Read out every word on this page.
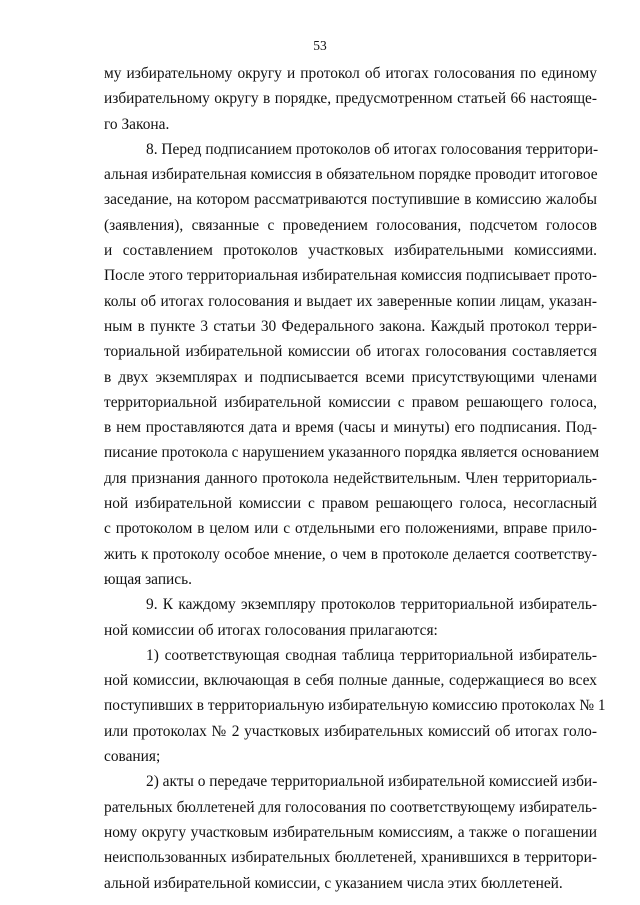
53
му избирательному округу и протокол об итогах голосования по единому
избирательному округу в порядке, предусмотренном статьей 66 настояще-
го Закона.
8. Перед подписанием протоколов об итогах голосования территори-
альная избирательная комиссия в обязательном порядке проводит итоговое
заседание, на котором рассматриваются поступившие в комиссию жалобы
(заявления), связанные с проведением голосования, подсчетом голосов
и составлением протоколов участковых избирательными комиссиями.
После этого территориальная избирательная комиссия подписывает прото-
колы об итогах голосования и выдает их заверенные копии лицам, указан-
ным в пункте 3 статьи 30 Федерального закона. Каждый протокол терри-
ториальной избирательной комиссии об итогах голосования составляется
в двух экземплярах и подписывается всеми присутствующими членами
территориальной избирательной комиссии с правом решающего голоса,
в нем проставляются дата и время (часы и минуты) его подписания. Под-
писание протокола с нарушением указанного порядка является основанием
для признания данного протокола недействительным. Член территориаль-
ной избирательной комиссии с правом решающего голоса, несогласный
с протоколом в целом или с отдельными его положениями, вправе прило-
жить к протоколу особое мнение, о чем в протоколе делается соответству-
ющая запись.
9. К каждому экземпляру протоколов территориальной избиратель-
ной комиссии об итогах голосования прилагаются:
1) соответствующая сводная таблица территориальной избиратель-
ной комиссии, включающая в себя полные данные, содержащиеся во всех
поступивших в территориальную избирательную комиссию протоколах № 1
или протоколах № 2 участковых избирательных комиссий об итогах голо-
сования;
2) акты о передаче территориальной избирательной комиссией изби-
рательных бюллетеней для голосования по соответствующему избиратель-
ному округу участковым избирательным комиссиям, а также о погашении
неиспользованных избирательных бюллетеней, хранившихся в территори-
альной избирательной комиссии, с указанием числа этих бюллетеней.
